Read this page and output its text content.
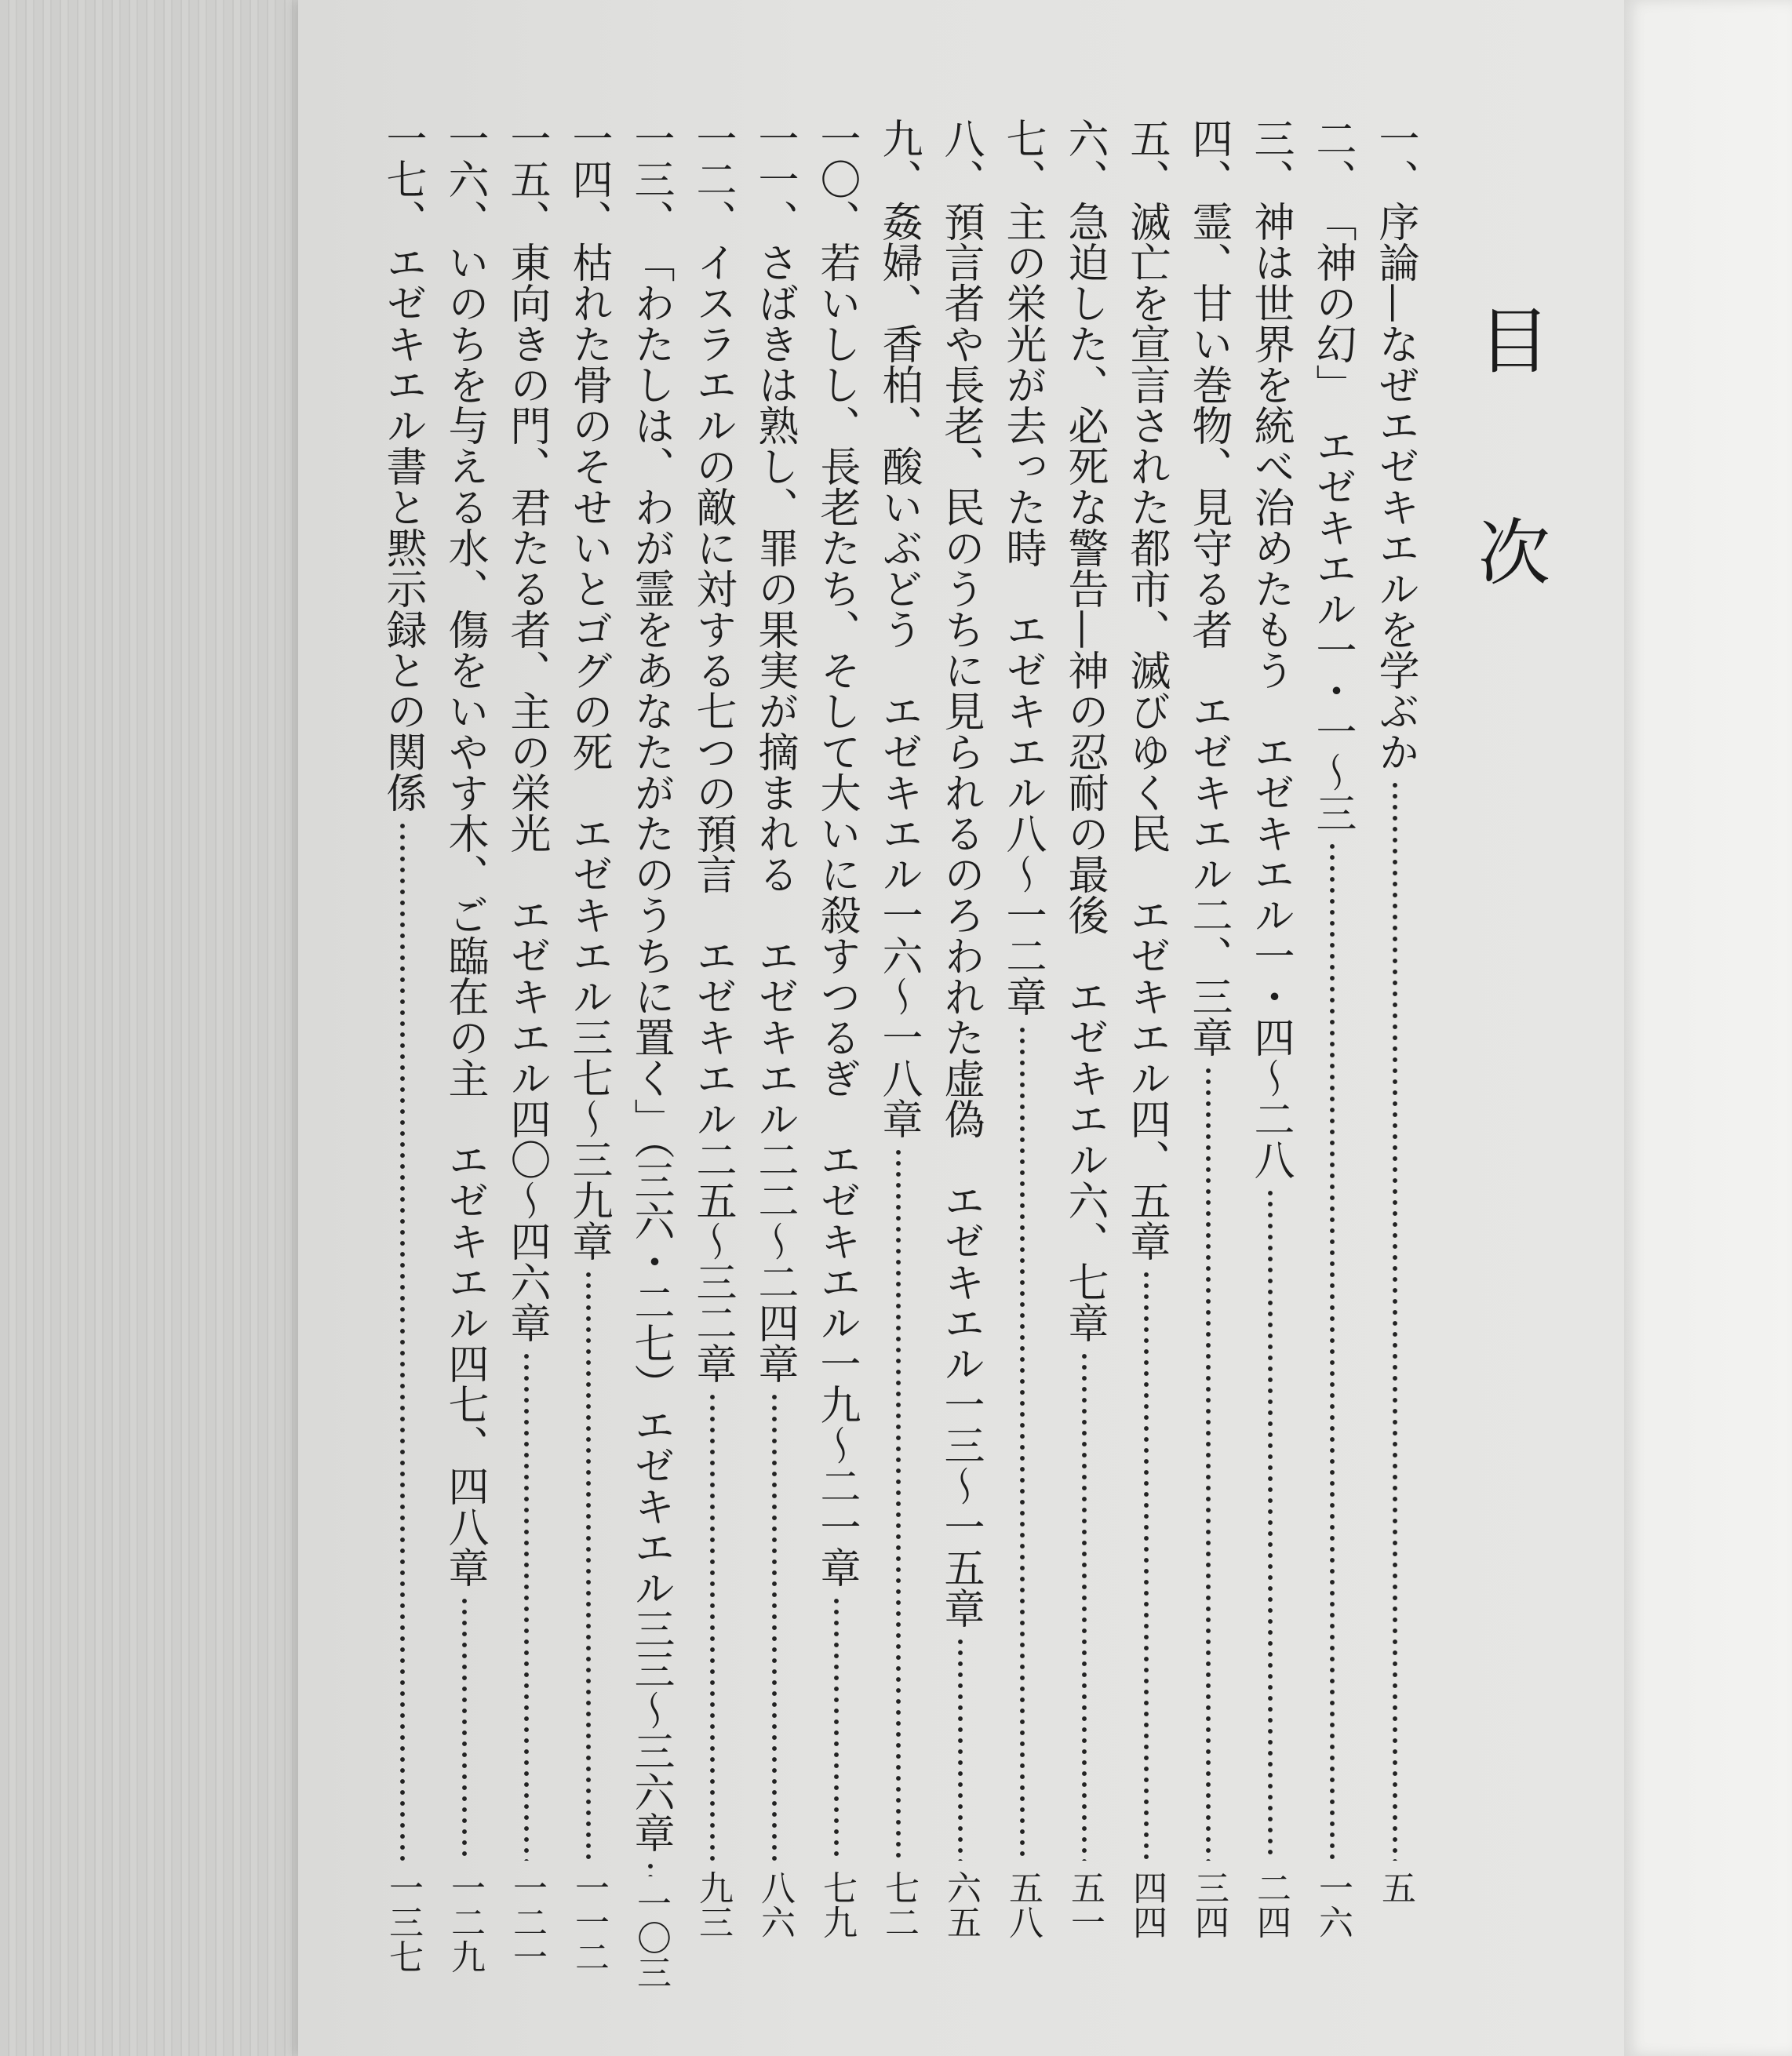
目
次
一、
序論—なぜエゼキエルを学ぶか
五
二、
「神の幻」　エゼキエル一・一〜三
一六
三、
神は世界を統べ治めたもう　エゼキエル一・四〜二八
二四
四、
霊、甘い巻物、見守る者　エゼキエル二、三章
三四
五、
滅亡を宣言された都市、滅びゆく民　エゼキエル四、五章
四四
六、
急迫した、必死な警告—神の忍耐の最後　エゼキエル六、七章
五一
七、
主の栄光が去った時　エゼキエル八〜一二章
五八
八、
預言者や長老、民のうちに見られるのろわれた虚偽　エゼキエル一三〜一五章
六五
九、
姦婦、香柏、酸いぶどう　エゼキエル一六〜一八章
七二
一〇、
若いしし、長老たち、そして大いに殺すつるぎ　エゼキエル一九〜二一章
七九
一一、
さばきは熟し、罪の果実が摘まれる　エゼキエル二二〜二四章
八六
一二、
イスラエルの敵に対する七つの預言　エゼキエル二五〜三二章
九三
一三、
「わたしは、わが霊をあなたがたのうちに置く」（三六・二七）エゼキエル三三〜三六章
一〇三
一四、
枯れた骨のそせいとゴグの死　エゼキエル三七〜三九章
一一二
一五、
東向きの門、君たる者、主の栄光　エゼキエル四〇〜四六章
一二一
一六、
いのちを与える水、傷をいやす木、ご臨在の主　エゼキエル四七、四八章
一二九
一七、
エゼキエル書と黙示録との関係
一三七
